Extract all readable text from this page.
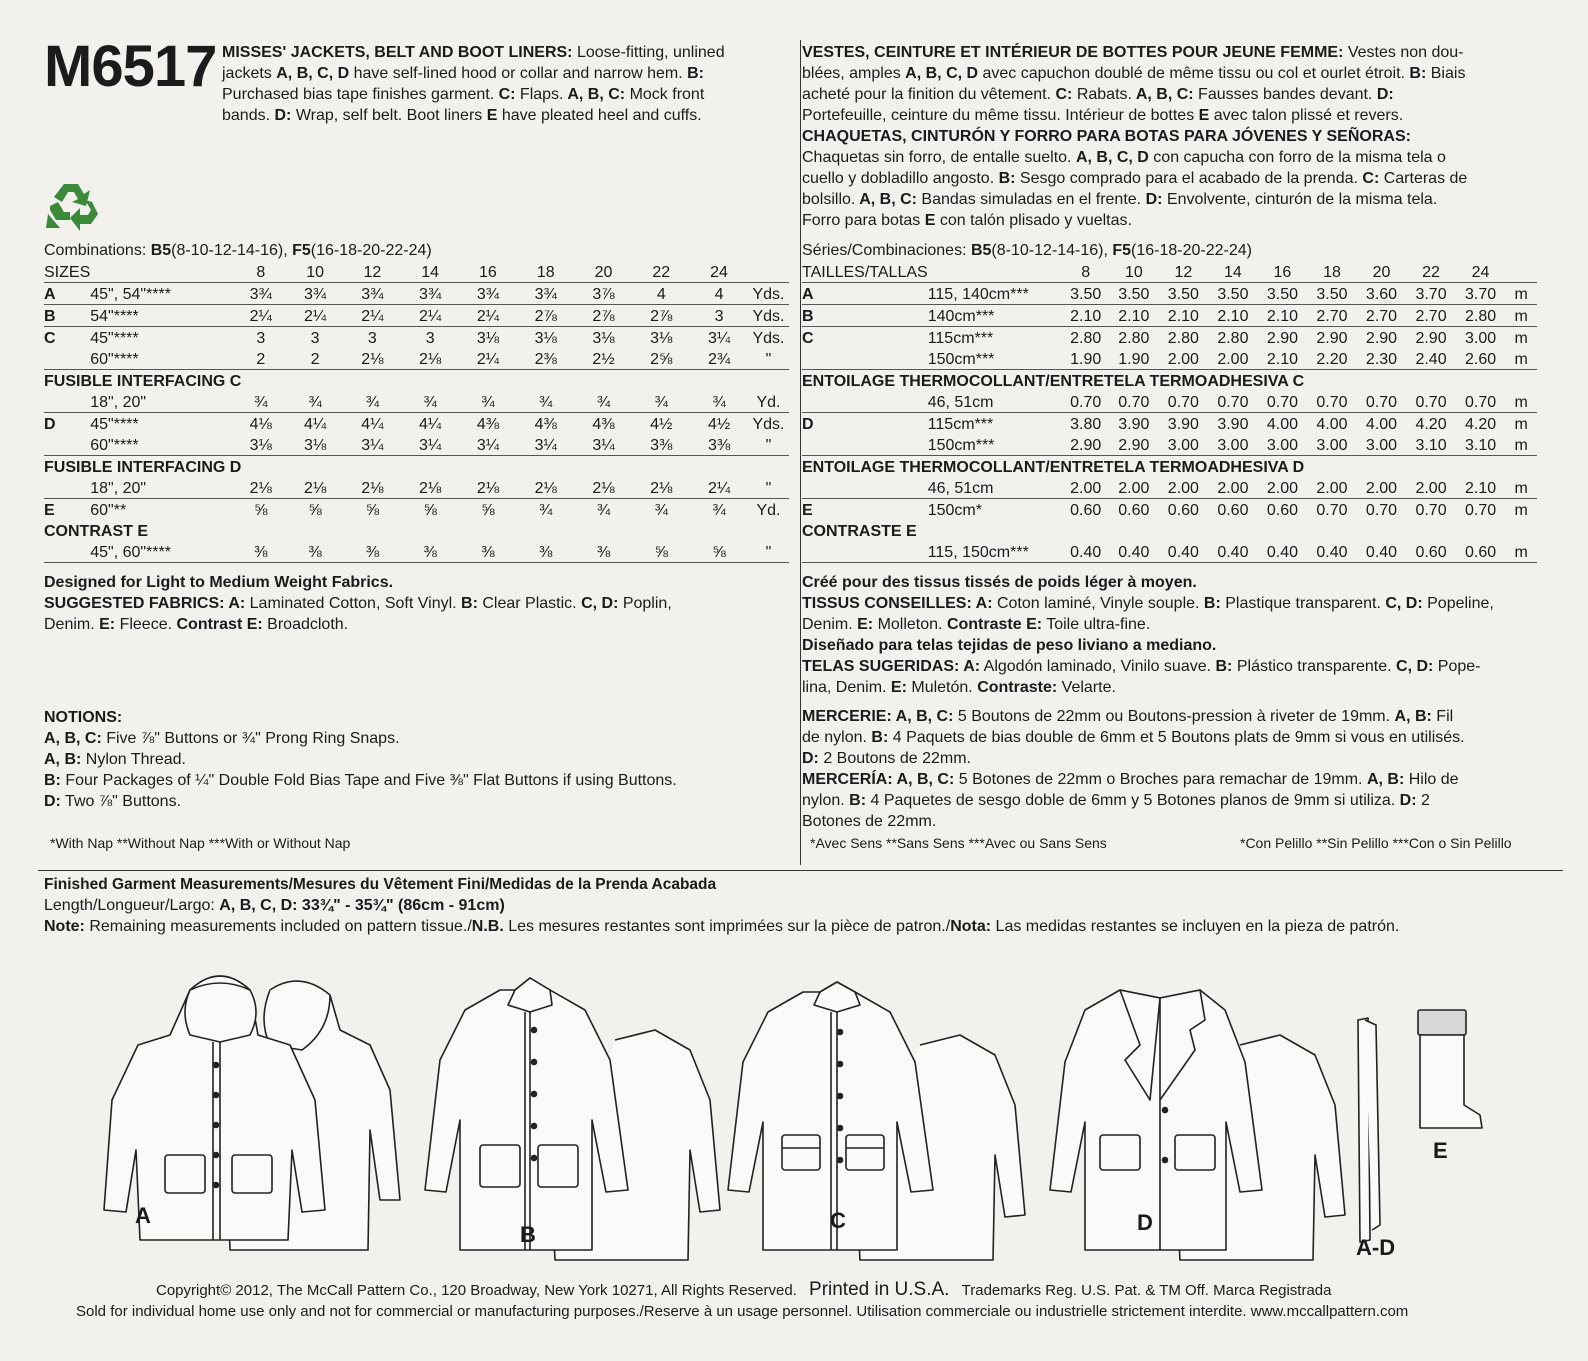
M6517 MISSES' JACKETS, BELT AND BOOT LINERS: Loose-fitting, unlined
jackets A, B, C, D have self-lined hood or collar and narrow hem. B:
Purchased bias tape finishes garment. C: Flaps. A, B, C: Mock front
bands. D: Wrap, self belt. Boot liners E have pleated heel and cuffs.
VESTES, CEINTURE ET INTÉRIEUR DE BOTTES POUR JEUNE FEMME: Vestes non dou-
blées, amples A, B, C, D avec capuchon doublé de même tissu ou col et ourlet étroit. B: Biais
acheté pour la finition du vêtement. C: Rabats. A, B, C: Fausses bandes devant. D:
Portefeuille, ceinture du même tissu. Intérieur de bottes E avec talon plissé et revers.
CHAQUETAS, CINTURÓN Y FORRO PARA BOTAS PARA JÓVENES Y SEÑORAS:
Chaquetas sin forro, de entalle suelto. A, B, C, D con capucha con forro de la misma tela o
cuello y dobladillo angosto. B: Sesgo comprado para el acabado de la prenda. C: Carteras de
bolsillo. A, B, C: Bandas simuladas en el frente. D: Envolvente, cinturón de la misma tela.
Forro para botas E con talón plisado y vueltas.
Combinations: B5(8-10-12-14-16), F5(16-18-20-22-24)
SIZES		8	10	12	14	16	18	20	22	24	
A	45", 54"****	3¾	3¾	3¾	3¾	3¾	3¾	3⅞	4	4	Yds.
B	54"****	2¼	2¼	2¼	2¼	2¼	2⅞	2⅞	2⅞	3	Yds.
C	45"****	3	3	3	3	3⅛	3⅛	3⅛	3⅛	3¼	Yds.
	60"****	2	2	2⅛	2⅛	2¼	2⅜	2½	2⅝	2¾	"
FUSIBLE INTERFACING C											
	18", 20"	¾	¾	¾	¾	¾	¾	¾	¾	¾	Yd.
D	45"****	4⅛	4¼	4¼	4¼	4⅜	4⅜	4⅜	4½	4½	Yds.
	60"****	3⅛	3⅛	3¼	3¼	3¼	3¼	3¼	3⅜	3⅜	"
FUSIBLE INTERFACING D											
	18", 20"	2⅛	2⅛	2⅛	2⅛	2⅛	2⅛	2⅛	2⅛	2¼	"
E	60"**	⅝	⅝	⅝	⅝	⅝	¾	¾	¾	¾	Yd.
CONTRAST E											
	45", 60"****	⅜	⅜	⅜	⅜	⅜	⅜	⅜	⅝	⅝	"
Séries/Combinaciones: B5(8-10-12-14-16), F5(16-18-20-22-24)
TAILLES/TALLAS		8	10	12	14	16	18	20	22	24	
A	115, 140cm***	3.50	3.50	3.50	3.50	3.50	3.50	3.60	3.70	3.70	m
B	140cm***	2.10	2.10	2.10	2.10	2.10	2.70	2.70	2.70	2.80	m
C	115cm***	2.80	2.80	2.80	2.80	2.90	2.90	2.90	2.90	3.00	m
	150cm***	1.90	1.90	2.00	2.00	2.10	2.20	2.30	2.40	2.60	m
ENTOILAGE THERMOCOLLANT/ENTRETELA TERMOADHESIVA C											
	46, 51cm	0.70	0.70	0.70	0.70	0.70	0.70	0.70	0.70	0.70	m
D	115cm***	3.80	3.90	3.90	3.90	4.00	4.00	4.00	4.20	4.20	m
	150cm***	2.90	2.90	3.00	3.00	3.00	3.00	3.00	3.10	3.10	m
ENTOILAGE THERMOCOLLANT/ENTRETELA TERMOADHESIVA D											
	46, 51cm	2.00	2.00	2.00	2.00	2.00	2.00	2.00	2.00	2.10	m
E	150cm*	0.60	0.60	0.60	0.60	0.60	0.70	0.70	0.70	0.70	m
CONTRASTE E											
	115, 150cm***	0.40	0.40	0.40	0.40	0.40	0.40	0.40	0.60	0.60	m
Designed for Light to Medium Weight Fabrics.
SUGGESTED FABRICS: A: Laminated Cotton, Soft Vinyl. B: Clear Plastic. C, D: Poplin,
Denim. E: Fleece. Contrast E: Broadcloth.
Créé pour des tissus tissés de poids léger à moyen.
TISSUS CONSEILLES: A: Coton laminé, Vinyle souple. B: Plastique transparent. C, D: Popeline,
Denim. E: Molleton. Contraste E: Toile ultra-fine.
Diseñado para telas tejidas de peso liviano a mediano.
TELAS SUGERIDAS: A: Algodón laminado, Vinilo suave. B: Plástico transparente. C, D: Pope-
lina, Denim. E: Muletón. Contraste: Velarte.
NOTIONS:
A, B, C: Five ⅞" Buttons or ¾" Prong Ring Snaps.
A, B: Nylon Thread.
B: Four Packages of ¼" Double Fold Bias Tape and Five ⅜" Flat Buttons if using Buttons.
D: Two ⅞" Buttons.
MERCERIE: A, B, C: 5 Boutons de 22mm ou Boutons-pression à riveter de 19mm. A, B: Fil
de nylon. B: 4 Paquets de bias double de 6mm et 5 Boutons plats de 9mm si vous en utilisés.
D: 2 Boutons de 22mm.
MERCERÍA: A, B, C: 5 Botones de 22mm o Broches para remachar de 19mm. A, B: Hilo de
nylon. B: 4 Paquetes de sesgo doble de 6mm y 5 Botones planos de 9mm si utiliza. D: 2
Botones de 22mm.
*With Nap **Without Nap ***With or Without Nap	*Avec Sens **Sans Sens ***Avec ou Sans Sens	*Con Pelillo **Sin Pelillo ***Con o Sin Pelillo
Finished Garment Measurements/Mesures du Vêtement Fini/Medidas de la Prenda Acabada
Length/Longueur/Largo: A, B, C, D: 33¾" - 35¾" (86cm - 91cm)
Note: Remaining measurements included on pattern tissue./N.B. Les mesures restantes sont imprimées sur la pièce de patron./Nota: Las medidas restantes se incluyen en la pieza de patrón.
A
B
C	D
A-D
E
Copyright© 2012, The McCall Pattern Co., 120 Broadway, New York 10271, All Rights Reserved. Printed in U.S.A. Trademarks Reg. U.S. Pat. & TM Off. Marca Registrada
Sold for individual home use only and not for commercial or manufacturing purposes./Reserve à un usage personnel. Utilisation commerciale ou industrielle strictement interdite. www.mccallpattern.com
